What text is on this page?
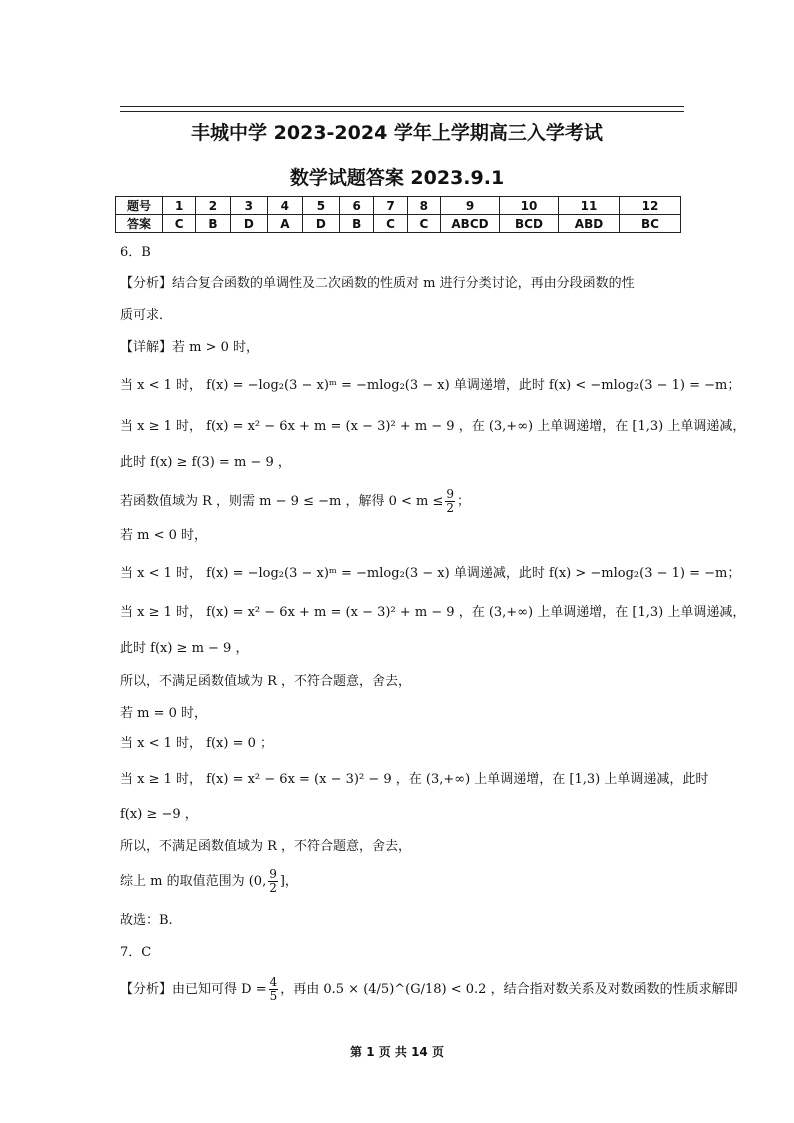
丰城中学 2023-2024 学年上学期高三入学考试
数学试题答案 2023.9.1
题号	1	2	3	4	5	6	7	8	9	10	11	12
答案	C	B	D	A	D	B	C	C	ABCD	BCD	ABD	BC
6．B
【分析】结合复合函数的单调性及二次函数的性质对 m 进行分类讨论，再由分段函数的性
质可求．
【详解】若 m > 0 时，
当 x < 1 时， f(x) = −log₂(3 − x)ᵐ = −mlog₂(3 − x) 单调递增，此时 f(x) < −mlog₂(3 − 1) = −m；
当 x ≥ 1 时， f(x) = x² − 6x + m = (x − 3)² + m − 9 ，在 (3,+∞) 上单调递增，在 [1,3) 上单调递减，
此时 f(x) ≥ f(3) = m − 9 ，
若函数值域为 R ，则需 m − 9 ≤ −m ，解得 $0 < m \le \frac{9}{2}$ ；
若 m < 0 时，
当 x < 1 时， f(x) = −log₂(3 − x)ᵐ = −mlog₂(3 − x) 单调递减，此时 f(x) > −mlog₂(3 − 1) = −m；
当 x ≥ 1 时， f(x) = x² − 6x + m = (x − 3)² + m − 9 ，在 (3,+∞) 上单调递增，在 [1,3) 上单调递减，
此时 f(x) ≥ m − 9 ，
所以，不满足函数值域为 R ，不符合题意，舍去，
若 m = 0 时，
当 x < 1 时， f(x) = 0 ；
当 x ≥ 1 时， f(x) = x² − 6x = (x − 3)² − 9 ，在 (3,+∞) 上单调递增，在 [1,3) 上单调递减，此时
f(x) ≥ −9 ，
所以，不满足函数值域为 R ，不符合题意，舍去，
综上 m 的取值范围为 (0, $\frac{9}{2}$ ]，
故选：B.
7．C
【分析】由已知可得 $D = \frac{4}{5}$ ，再由 0.5 × (4/5)^(G/18) < 0.2 ，结合指对数关系及对数函数的性质求解即
第 1 页 共 14 页
